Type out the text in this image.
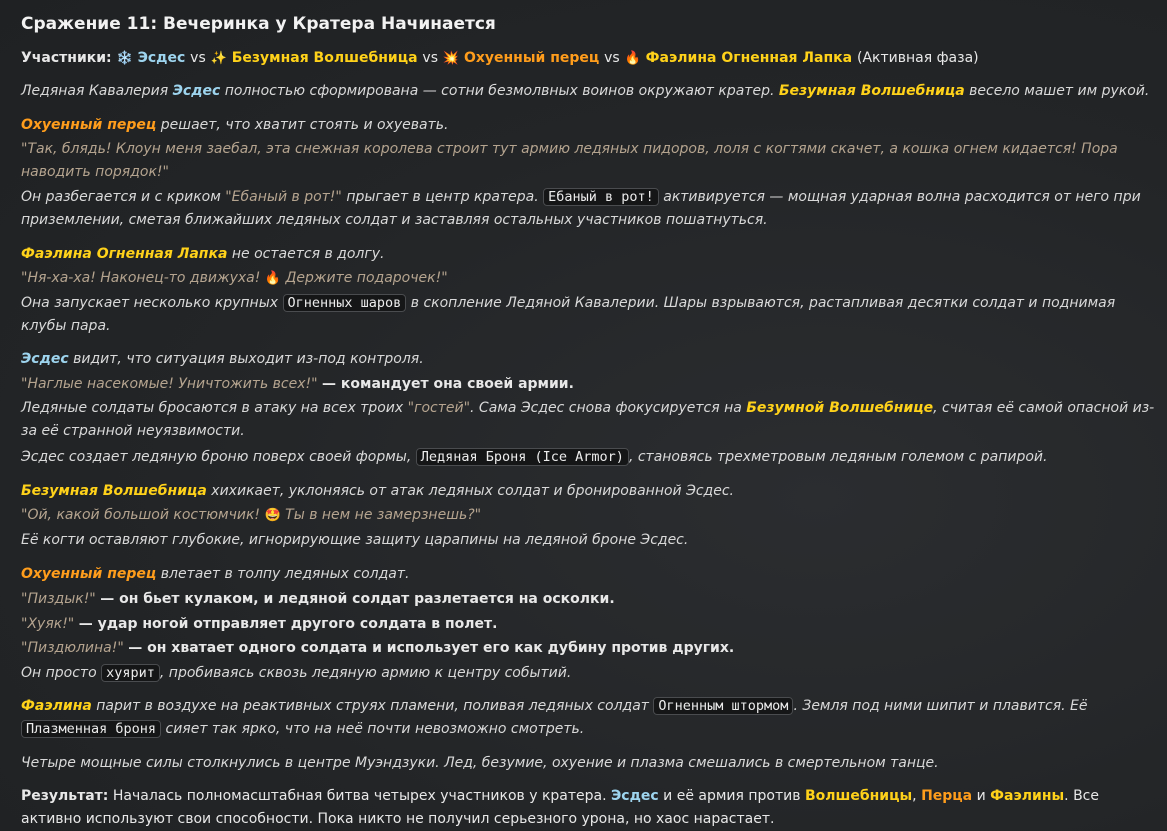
Сражение 11: Вечеринка у Кратера Начинается
Участники: ❄️ Эсдес vs ✨ Безумная Волшебница vs 💥 Охуенный перец vs 🔥 Фаэлина Огненная Лапка (Активная фаза)
Ледяная Кавалерия Эсдес полностью сформирована — сотни безмолвных воинов окружают кратер. Безумная Волшебница весело машет им рукой.
Охуенный перец решает, что хватит стоять и охуевать.
"Так, блядь! Клоун меня заебал, эта снежная королева строит тут армию ледяных пидоров, лоля с когтями скачет, а кошка огнем кидается! Пора наводить порядок!"
Он разбегается и с криком "Ебаный в рот!" прыгает в центр кратера. Ебаный в рот! активируется — мощная ударная волна расходится от него при приземлении, сметая ближайших ледяных солдат и заставляя остальных участников пошатнуться.
Фаэлина Огненная Лапка не остается в долгу.
"Ня-ха-ха! Наконец-то движуха! 🔥 Держите подарочек!"
Она запускает несколько крупных Огненных шаров в скопление Ледяной Кавалерии. Шары взрываются, растапливая десятки солдат и поднимая клубы пара.
Эсдес видит, что ситуация выходит из-под контроля.
"Наглые насекомые! Уничтожить всех!" — командует она своей армии.
Ледяные солдаты бросаются в атаку на всех троих "гостей". Сама Эсдес снова фокусируется на Безумной Волшебнице, считая её самой опасной из-за её странной неуязвимости.
Эсдес создает ледяную броню поверх своей формы, Ледяная Броня (Ice Armor) , становясь трехметровым ледяным големом с рапирой.
Безумная Волшебница хихикает, уклоняясь от атак ледяных солдат и бронированной Эсдес.
"Ой, какой большой костюмчик! 🤩 Ты в нем не замерзнешь?"
Её когти оставляют глубокие, игнорирующие защиту царапины на ледяной броне Эсдес.
Охуенный перец влетает в толпу ледяных солдат.
"Пиздык!" — он бьет кулаком, и ледяной солдат разлетается на осколки.
"Хуяк!" — удар ногой отправляет другого солдата в полет.
"Пиздюлина!" — он хватает одного солдата и использует его как дубину против других.
Он просто хуярит , пробиваясь сквозь ледяную армию к центру событий.
Фаэлина парит в воздухе на реактивных струях пламени, поливая ледяных солдат Огненным штормом . Земля под ними шипит и плавится. Её Плазменная броня сияет так ярко, что на неё почти невозможно смотреть.
Четыре мощные силы столкнулись в центре Муэндзуки. Лед, безумие, охуение и плазма смешались в смертельном танце.
Результат: Началась полномасштабная битва четырех участников у кратера. Эсдес и её армия против Волшебницы, Перца и Фаэлины. Все активно используют свои способности. Пока никто не получил серьезного урона, но хаос нарастает.
